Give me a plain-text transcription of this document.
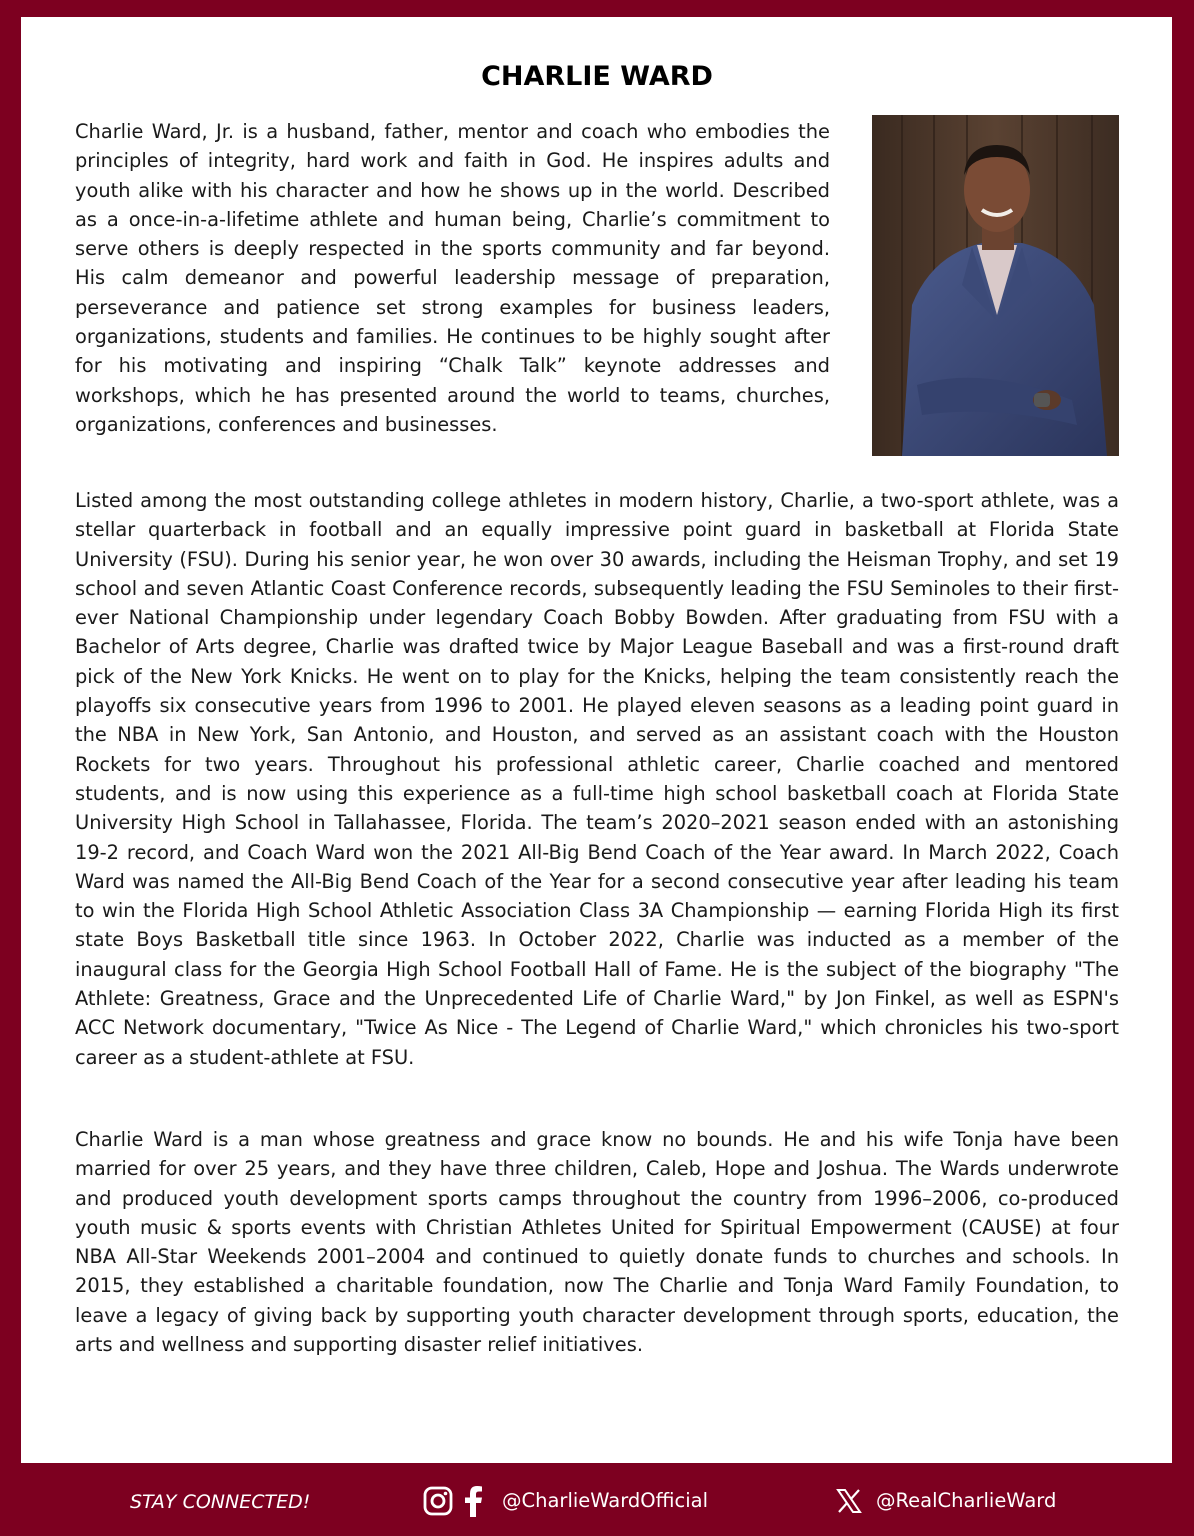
CHARLIE WARD

Charlie Ward, Jr. is a husband, father, mentor and coach who embodies the principles of integrity, hard work and faith in God. He inspires adults and youth alike with his character and how he shows up in the world. Described as a once-in-a-lifetime athlete and human being, Charlie’s commitment to serve others is deeply respected in the sports community and far beyond. His calm demeanor and powerful leadership message of preparation, perseverance and patience set strong examples for business leaders, organizations, students and families. He continues to be highly sought after for his motivating and inspiring “Chalk Talk” keynote addresses and workshops, which he has presented around the world to teams, churches, organizations, conferences and businesses.

Listed among the most outstanding college athletes in modern history, Charlie, a two-sport athlete, was a stellar quarterback in football and an equally impressive point guard in basketball at Florida State University (FSU). During his senior year, he won over 30 awards, including the Heisman Trophy, and set 19 school and seven Atlantic Coast Conference records, subsequently leading the FSU Seminoles to their first-ever National Championship under legendary Coach Bobby Bowden. After graduating from FSU with a Bachelor of Arts degree, Charlie was drafted twice by Major League Baseball and was a first-round draft pick of the New York Knicks. He went on to play for the Knicks, helping the team consistently reach the playoffs six consecutive years from 1996 to 2001. He played eleven seasons as a leading point guard in the NBA in New York, San Antonio, and Houston, and served as an assistant coach with the Houston Rockets for two years. Throughout his professional athletic career, Charlie coached and mentored students, and is now using this experience as a full-time high school basketball coach at Florida State University High School in Tallahassee, Florida. The team’s 2020–2021 season ended with an astonishing 19-2 record, and Coach Ward won the 2021 All-Big Bend Coach of the Year award. In March 2022, Coach Ward was named the All-Big Bend Coach of the Year for a second consecutive year after leading his team to win the Florida High School Athletic Association Class 3A Championship — earning Florida High its first state Boys Basketball title since 1963. In October 2022, Charlie was inducted as a member of the inaugural class for the Georgia High School Football Hall of Fame. He is the subject of the biography "The Athlete: Greatness, Grace and the Unprecedented Life of Charlie Ward," by Jon Finkel, as well as ESPN's ACC Network documentary, "Twice As Nice - The Legend of Charlie Ward," which chronicles his two-sport career as a student-athlete at FSU.

Charlie Ward is a man whose greatness and grace know no bounds. He and his wife Tonja have been married for over 25 years, and they have three children, Caleb, Hope and Joshua. The Wards underwrote and produced youth development sports camps throughout the country from 1996–2006, co-produced youth music & sports events with Christian Athletes United for Spiritual Empowerment (CAUSE) at four NBA All-Star Weekends 2001–2004 and continued to quietly donate funds to churches and schools. In 2015, they established a charitable foundation, now The Charlie and Tonja Ward Family Foundation, to leave a legacy of giving back by supporting youth character development through sports, education, the arts and wellness and supporting disaster relief initiatives.

STAY CONNECTED!	@CharlieWardOfficial	@RealCharlieWard
